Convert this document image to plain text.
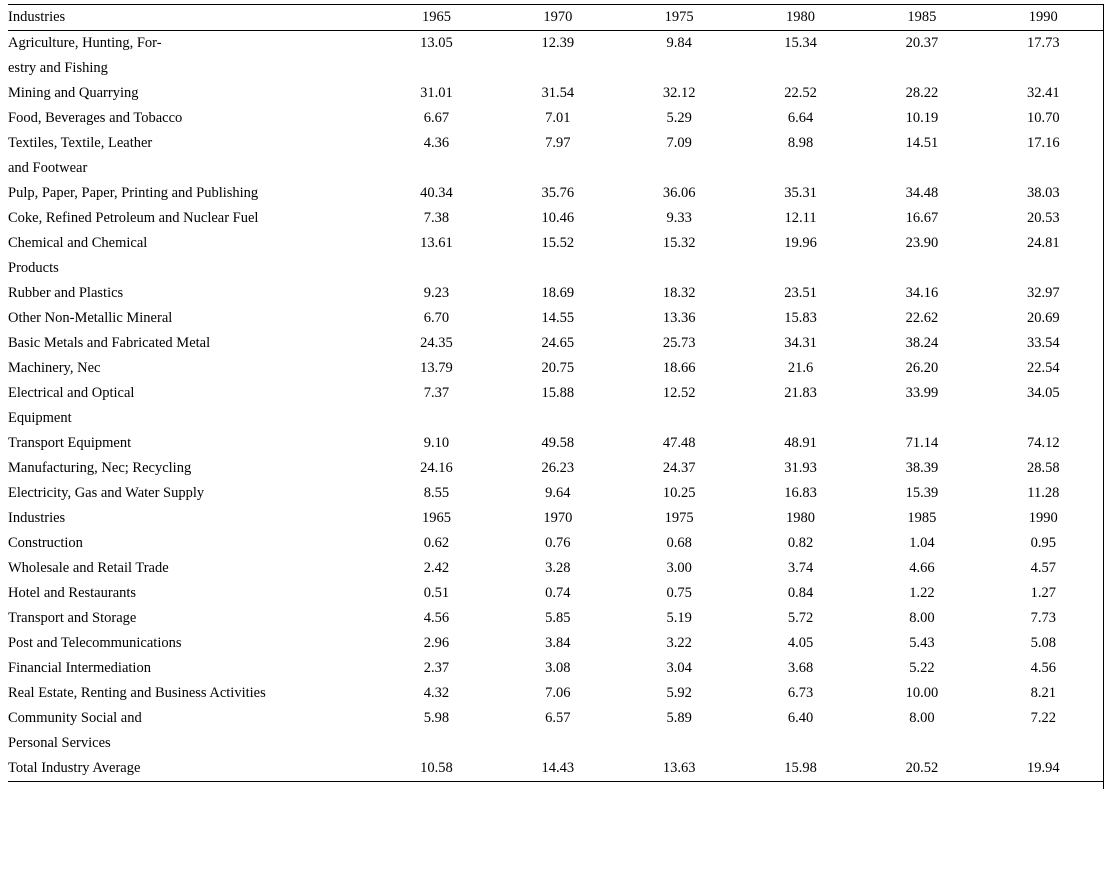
Industries	1965	1970	1975	1980	1985	1990
Agriculture, Hunting, For-	13.05	12.39	9.84	15.34	20.37	17.73
estry and Fishing						
Mining and Quarrying	31.01	31.54	32.12	22.52	28.22	32.41
Food, Beverages and Tobacco	6.67	7.01	5.29	6.64	10.19	10.70
Textiles, Textile, Leather	4.36	7.97	7.09	8.98	14.51	17.16
and Footwear						
Pulp, Paper, Paper, Printing and Publishing	40.34	35.76	36.06	35.31	34.48	38.03
Coke, Refined Petroleum and Nuclear Fuel	7.38	10.46	9.33	12.11	16.67	20.53
Chemical and Chemical	13.61	15.52	15.32	19.96	23.90	24.81
Products						
Rubber and Plastics	9.23	18.69	18.32	23.51	34.16	32.97
Other Non-Metallic Mineral	6.70	14.55	13.36	15.83	22.62	20.69
Basic Metals and Fabricated Metal	24.35	24.65	25.73	34.31	38.24	33.54
Machinery, Nec	13.79	20.75	18.66	21.6	26.20	22.54
Electrical and Optical	7.37	15.88	12.52	21.83	33.99	34.05
Equipment						
Transport Equipment	9.10	49.58	47.48	48.91	71.14	74.12
Manufacturing, Nec; Recycling	24.16	26.23	24.37	31.93	38.39	28.58
Electricity, Gas and Water Supply	8.55	9.64	10.25	16.83	15.39	11.28
Industries	1965	1970	1975	1980	1985	1990
Construction	0.62	0.76	0.68	0.82	1.04	0.95
Wholesale and Retail Trade	2.42	3.28	3.00	3.74	4.66	4.57
Hotel and Restaurants	0.51	0.74	0.75	0.84	1.22	1.27
Transport and Storage	4.56	5.85	5.19	5.72	8.00	7.73
Post and Telecommunications	2.96	3.84	3.22	4.05	5.43	5.08
Financial Intermediation	2.37	3.08	3.04	3.68	5.22	4.56
Real Estate, Renting and Business Activities	4.32	7.06	5.92	6.73	10.00	8.21
Community Social and	5.98	6.57	5.89	6.40	8.00	7.22
Personal Services						
Total Industry Average	10.58	14.43	13.63	15.98	20.52	19.94
